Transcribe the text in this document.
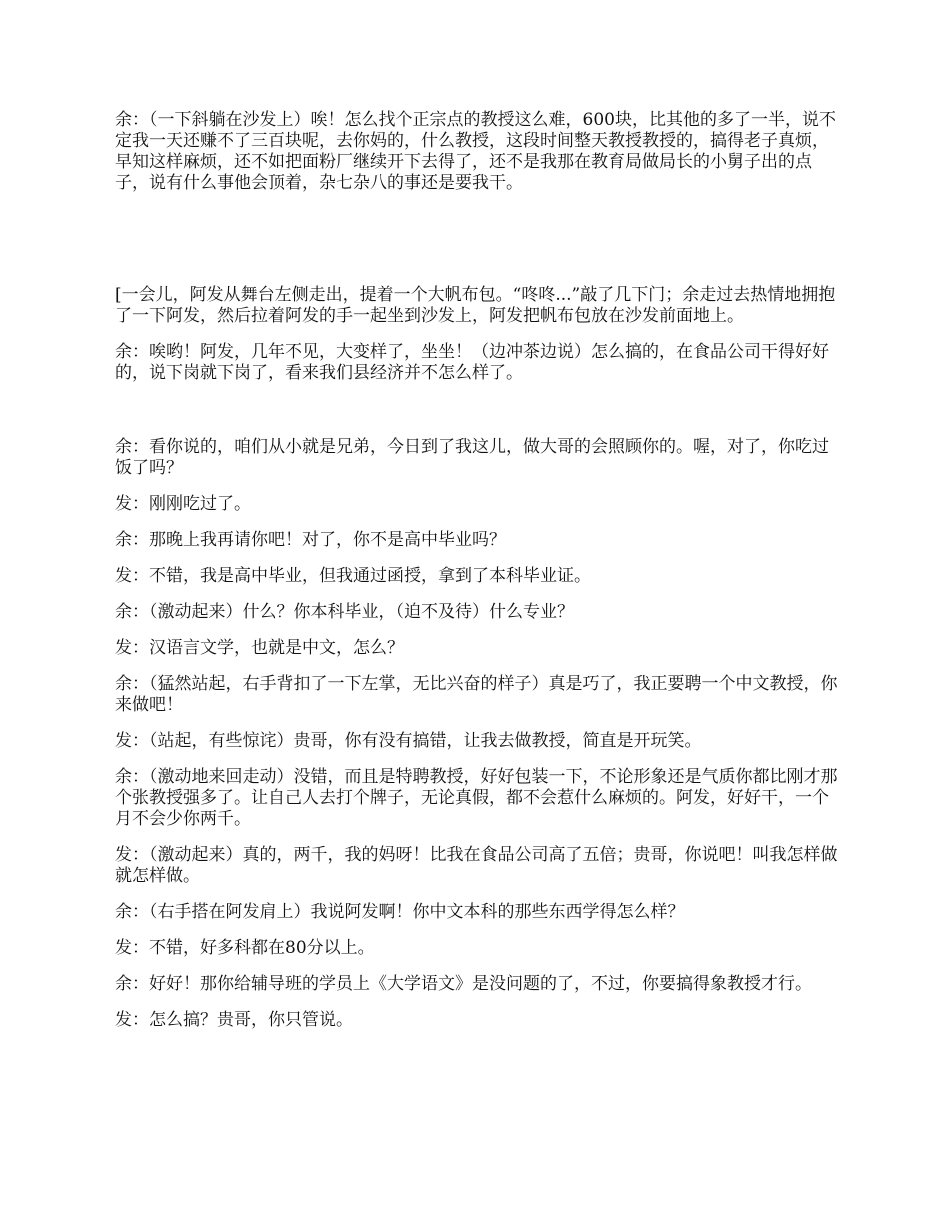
余：（一下斜躺在沙发上）唉！怎么找个正宗点的教授这么难，600块，比其他的多了一半，说不定我一天还赚不了三百块呢，去你妈的，什么教授，这段时间整天教授教授的，搞得老子真烦，早知这样麻烦，还不如把面粉厂继续开下去得了，还不是我那在教育局做局长的小舅子出的点子，说有什么事他会顶着，杂七杂八的事还是要我干。

[一会儿，阿发从舞台左侧走出，提着一个大帆布包。“咚咚...”敲了几下门；余走过去热情地拥抱了一下阿发，然后拉着阿发的手一起坐到沙发上，阿发把帆布包放在沙发前面地上。

余：唉哟！阿发，几年不见，大变样了，坐坐！（边冲茶边说）怎么搞的，在食品公司干得好好的，说下岗就下岗了，看来我们县经济并不怎么样了。

余：看你说的，咱们从小就是兄弟，今日到了我这儿，做大哥的会照顾你的。喔，对了，你吃过饭了吗？

发：刚刚吃过了。

余：那晚上我再请你吧！对了，你不是高中毕业吗？

发：不错，我是高中毕业，但我通过函授，拿到了本科毕业证。

余：（激动起来）什么？你本科毕业，（迫不及待）什么专业？

发：汉语言文学，也就是中文，怎么？

余：（猛然站起，右手背扣了一下左掌，无比兴奋的样子）真是巧了，我正要聘一个中文教授，你来做吧！

发：（站起，有些惊诧）贵哥，你有没有搞错，让我去做教授，简直是开玩笑。

余：（激动地来回走动）没错，而且是特聘教授，好好包装一下，不论形象还是气质你都比刚才那个张教授强多了。让自己人去打个牌子，无论真假，都不会惹什么麻烦的。阿发，好好干，一个月不会少你两千。

发：（激动起来）真的，两千，我的妈呀！比我在食品公司高了五倍；贵哥，你说吧！叫我怎样做就怎样做。

余：（右手搭在阿发肩上）我说阿发啊！你中文本科的那些东西学得怎么样？

发：不错，好多科都在80分以上。

余：好好！那你给辅导班的学员上《大学语文》是没问题的了，不过，你要搞得象教授才行。

发：怎么搞？贵哥，你只管说。
